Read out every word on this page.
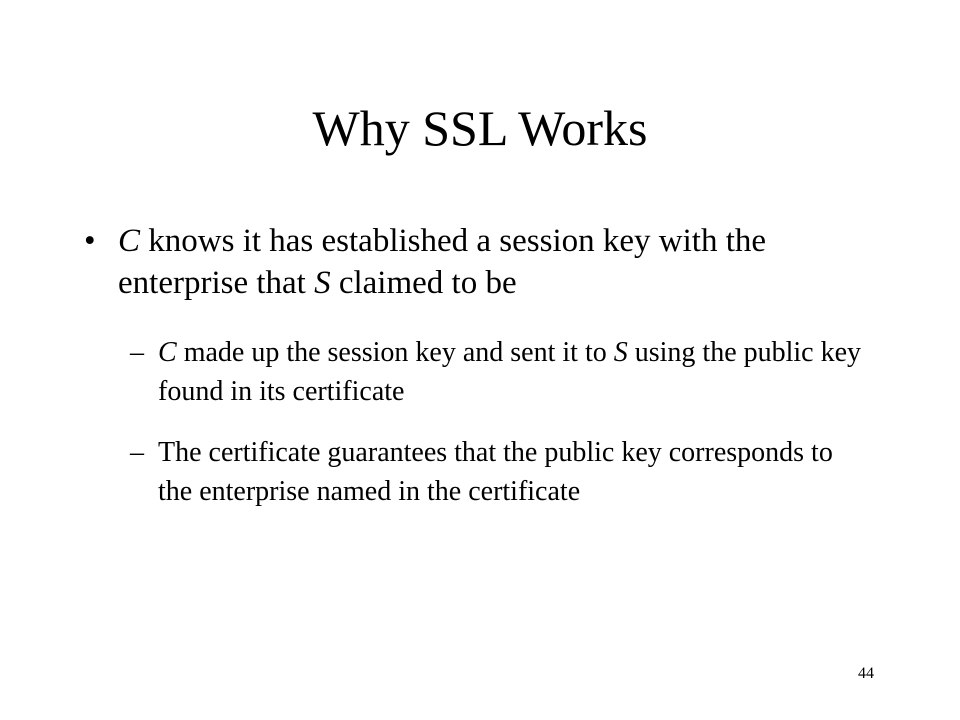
Why SSL Works
• C knows it has established a session key with the enterprise that S claimed to be
– C made up the session key and sent it to S using the public key found in its certificate
– The certificate guarantees that the public key corresponds to the enterprise named in the certificate
44
